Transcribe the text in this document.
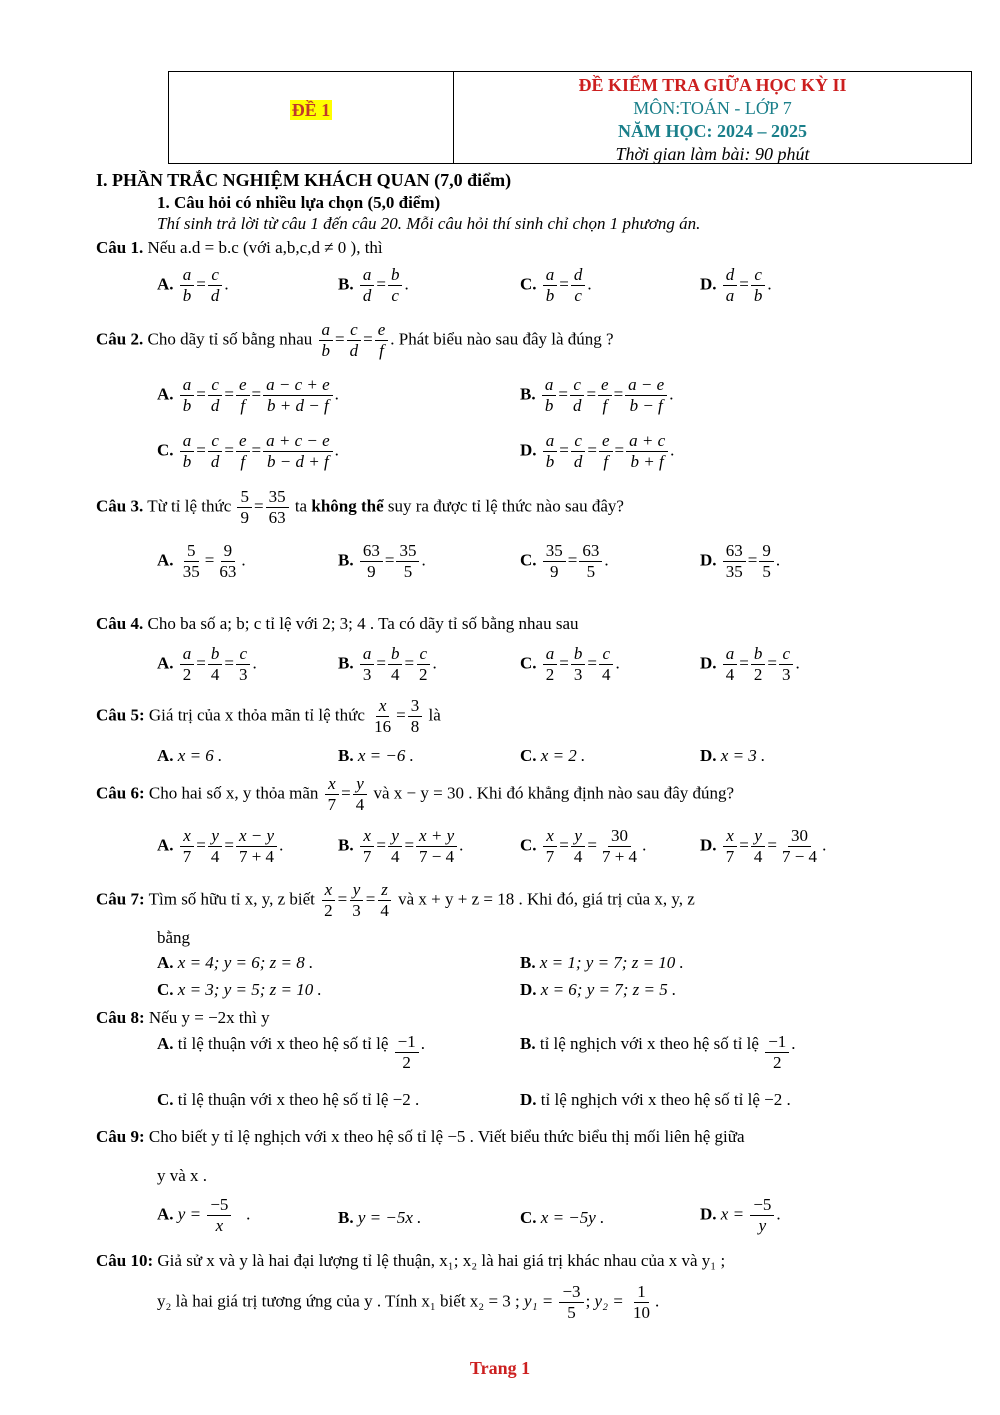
ĐỀ 1
ĐỀ KIỂM TRA GIỮA HỌC KỲ II
MÔN:TOÁN - LỚP 7
NĂM HỌC: 2024 – 2025
Thời gian làm bài: 90 phút
I. PHẦN TRẮC NGHIỆM KHÁCH QUAN (7,0 điểm)
1. Câu hỏi có nhiều lựa chọn (5,0 điểm)
Thí sinh trả lời từ câu 1 đến câu 20. Mỗi câu hỏi thí sinh chỉ chọn 1 phương án.
Câu 1. Nếu a.d = b.c (với a,b,c,d ≠ 0 ), thì
A. $\frac{a}{b} = \frac{c}{d}$ .	B. $\frac{a}{d} = \frac{b}{c}$ .	C. $\frac{a}{b} = \frac{d}{c}$ .	D. $\frac{d}{a} = \frac{c}{b}$ .
Câu 2. Cho dãy tỉ số bằng nhau $\frac{a}{b} = \frac{c}{d} = \frac{e}{f}$ . Phát biểu nào sau đây là đúng ?
A. $\frac{a}{b} = \frac{c}{d} = \frac{e}{f} = \frac{a - c + e}{b + d - f}$ .	B. $\frac{a}{b} = \frac{c}{d} = \frac{e}{f} = \frac{a - e}{b - f}$ .
C. $\frac{a}{b} = \frac{c}{d} = \frac{e}{f} = \frac{a + c - e}{b - d + f}$ .	D. $\frac{a}{b} = \frac{c}{d} = \frac{e}{f} = \frac{a + c}{b + f}$ .
Câu 3. Từ tỉ lệ thức $\frac{5}{9} = \frac{35}{63}$ ta không thể suy ra được tỉ lệ thức nào sau đây?
A. $\frac{5}{35} = \frac{9}{63}$ .	B. $\frac{63}{9} = \frac{35}{5}$ .	C. $\frac{35}{9} = \frac{63}{5}$ .	D. $\frac{63}{35} = \frac{9}{5}$ .
Câu 4. Cho ba số a; b; c tỉ lệ với 2; 3; 4 . Ta có dãy tỉ số bằng nhau sau
A. $\frac{a}{2} = \frac{b}{4} = \frac{c}{3}$ .	B. $\frac{a}{3} = \frac{b}{4} = \frac{c}{2}$ .	C. $\frac{a}{2} = \frac{b}{3} = \frac{c}{4}$ .	D. $\frac{a}{4} = \frac{b}{2} = \frac{c}{3}$ .
Câu 5: Giá trị của x thỏa mãn tỉ lệ thức $\frac{x}{16} = \frac{3}{8}$ là
A. x = 6 .	B. x = −6 .	C. x = 2 .	D. x = 3 .
Câu 6: Cho hai số x, y thỏa mãn $\frac{x}{7} = \frac{y}{4}$ và x − y = 30 . Khi đó khẳng định nào sau đây đúng?
A. $\frac{x}{7} = \frac{y}{4} = \frac{x - y}{7 + 4}$ .	B. $\frac{x}{7} = \frac{y}{4} = \frac{x + y}{7 - 4}$ .	C. $\frac{x}{7} = \frac{y}{4} = \frac{30}{7 + 4}$ .	D. $\frac{x}{7} = \frac{y}{4} = \frac{30}{7 - 4}$ .
Câu 7: Tìm số hữu tỉ x, y, z biết $\frac{x}{2} = \frac{y}{3} = \frac{z}{4}$ và x + y + z = 18 . Khi đó, giá trị của x, y, z
bằng
A. x = 4; y = 6; z = 8 .	B. x = 1; y = 7; z = 10 .
C. x = 3; y = 5; z = 10 .	D. x = 6; y = 7; z = 5 .
Câu 8: Nếu y = −2x thì y
A. tỉ lệ thuận với x theo hệ số tỉ lệ $\frac{-1}{2}$ .	B. tỉ lệ nghịch với x theo hệ số tỉ lệ $\frac{-1}{2}$ .
C. tỉ lệ thuận với x theo hệ số tỉ lệ −2 .	D. tỉ lệ nghịch với x theo hệ số tỉ lệ −2 .
Câu 9: Cho biết y tỉ lệ nghịch với x theo hệ số tỉ lệ −5 . Viết biểu thức biểu thị mối liên hệ giữa
y và x .
A. $y = \frac{-5}{x}$ .	B. y = −5x .	C. x = −5y .	D. $x = \frac{-5}{y}$ .
Câu 10: Giả sử x và y là hai đại lượng tỉ lệ thuận, x₁; x₂ là hai giá trị khác nhau của x và y₁ ;
y₂ là hai giá trị tương ứng của y . Tính x₁ biết x₂ = 3 ; $y_1 = \frac{-3}{5}$ ; $y_2 = \frac{1}{10}$ .
Trang 1
